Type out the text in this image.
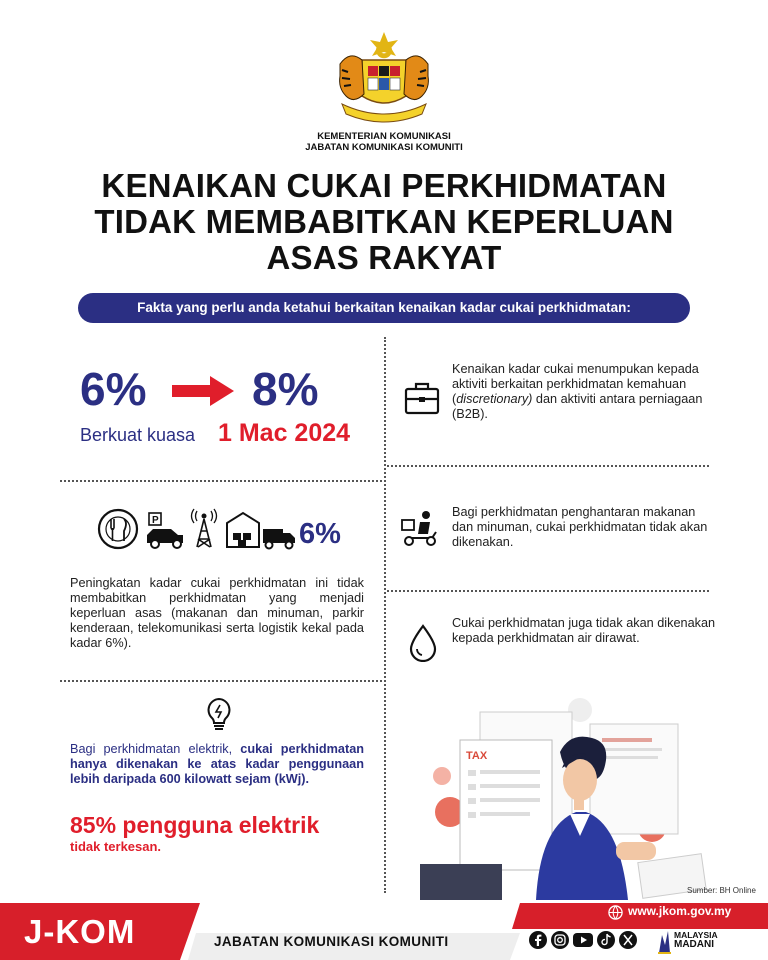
KEMENTERIAN KOMUNIKASI
JABATAN KOMUNIKASI KOMUNITI
KENAIKAN CUKAI PERKHIDMATAN
TIDAK MEMBABITKAN KEPERLUAN
ASAS RAKYAT
Fakta yang perlu anda ketahui berkaitan kenaikan kadar cukai perkhidmatan:
6% 8%
Berkuat kuasa 1 Mac 2024
P	6%
Peningkatan kadar cukai perkhidmatan ini tidak membabitkan perkhidmatan yang menjadi keperluan asas (makanan dan minuman, parkir kenderaan, telekomunikasi serta logistik kekal pada kadar 6%).
Bagi perkhidmatan elektrik, cukai perkhidmatan hanya dikenakan ke atas kadar penggunaan lebih daripada 600 kilowatt sejam (kWj).
85% pengguna elektrik
tidak terkesan.
Kenaikan kadar cukai menumpukan kepada aktiviti berkaitan perkhidmatan kemahuan (discretionary) dan aktiviti antara perniagaan (B2B).
Bagi perkhidmatan penghantaran makanan dan minuman, cukai perkhidmatan tidak akan dikenakan.
Cukai perkhidmatan juga tidak akan dikenakan kepada perkhidmatan air dirawat.
TAX
Sumber: BH Online
J-KOM	JABATAN KOMUNIKASI KOMUNITI
www.jkom.gov.my
MALAYSIA
MADANI
